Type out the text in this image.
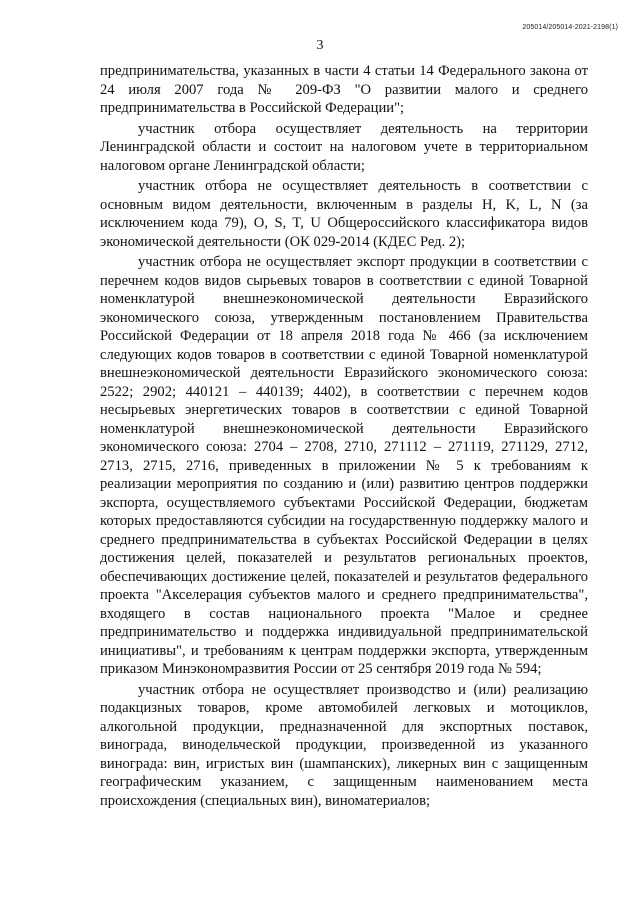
205014/205014-2021-2198(1)
3

предпринимательства, указанных в части 4 статьи 14 Федерального закона от 24 июля 2007 года № 209-ФЗ "О развитии малого и среднего предпринимательства в Российской Федерации";

участник отбора осуществляет деятельность на территории Ленинградской области и состоит на налоговом учете в территориальном налоговом органе Ленинградской области;

участник отбора не осуществляет деятельность в соответствии с основным видом деятельности, включенным в разделы H, K, L, N (за исключением кода 79), O, S, T, U Общероссийского классификатора видов экономической деятельности (ОК 029-2014 (КДЕС Ред. 2);

участник отбора не осуществляет экспорт продукции в соответствии с перечнем кодов видов сырьевых товаров в соответствии с единой Товарной номенклатурой внешнеэкономической деятельности Евразийского экономического союза, утвержденным постановлением Правительства Российской Федерации от 18 апреля 2018 года № 466 (за исключением следующих кодов товаров в соответствии с единой Товарной номенклатурой внешнеэкономической деятельности Евразийского экономического союза: 2522; 2902; 440121 – 440139; 4402), в соответствии с перечнем кодов несырьевых энергетических товаров в соответствии с единой Товарной номенклатурой внешнеэкономической деятельности Евразийского экономического союза: 2704 – 2708, 2710, 271112 – 271119, 271129, 2712, 2713, 2715, 2716, приведенных в приложении № 5 к требованиям к реализации мероприятия по созданию и (или) развитию центров поддержки экспорта, осуществляемого субъектами Российской Федерации, бюджетам которых предоставляются субсидии на государственную поддержку малого и среднего предпринимательства в субъектах Российской Федерации в целях достижения целей, показателей и результатов региональных проектов, обеспечивающих достижение целей, показателей и результатов федерального проекта "Акселерация субъектов малого и среднего предпринимательства", входящего в состав национального проекта "Малое и среднее предпринимательство и поддержка индивидуальной предпринимательской инициативы", и требованиям к центрам поддержки экспорта, утвержденным приказом Минэкономразвития России от 25 сентября 2019 года № 594;

участник отбора не осуществляет производство и (или) реализацию подакцизных товаров, кроме автомобилей легковых и мотоциклов, алкогольной продукции, предназначенной для экспортных поставок, винограда, винодельческой продукции, произведенной из указанного винограда: вин, игристых вин (шампанских), ликерных вин с защищенным географическим указанием, с защищенным наименованием места происхождения (специальных вин), виноматериалов;
